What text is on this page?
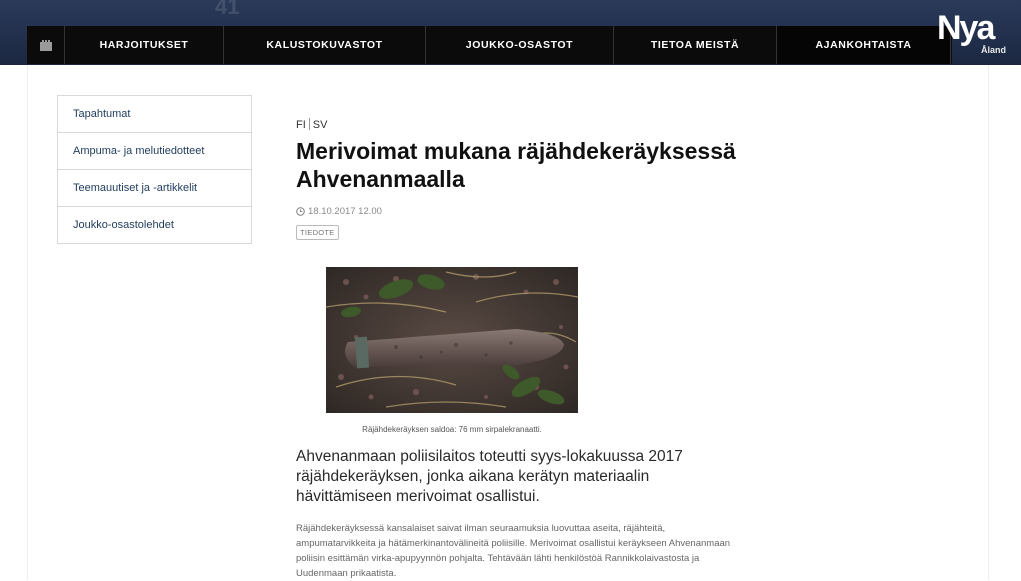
41
HARJOITUKSET	KALUSTOKUVASTOT	JOUKKO-OSASTOT	TIETOA MEISTÄ	AJANKOHTAISTA Nya
Åland
Tapahtumat
Ampuma- ja melutiedotteet
Teemauutiset ja -artikkelit
Joukko-osastolehdet
FI SV
Merivoimat mukana räjähdekeräyksessä Ahvenanmaalla
18.10.2017 12.00
TIEDOTE
Räjähdekeräyksen saldoa: 76 mm sirpalekranaatti.

Ahvenanmaan poliisilaitos toteutti syys-lokakuussa 2017 räjähdekeräyksen, jonka aikana kerätyn materiaalin hävittämiseen merivoimat osallistui.

Räjähdekeräyksessä kansalaiset saivat ilman seuraamuksia luovuttaa aseita, räjähteitä, ampumatarvikkeita ja hätämerkinantovälineitä poliisille. Merivoimat osallistui keräykseen Ahvenanmaan poliisin esittämän virka-apupyynnön pohjalta. Tehtävään lähti henkilöstöä Rannikkolaivastosta ja Uudenmaan prikaatista.
